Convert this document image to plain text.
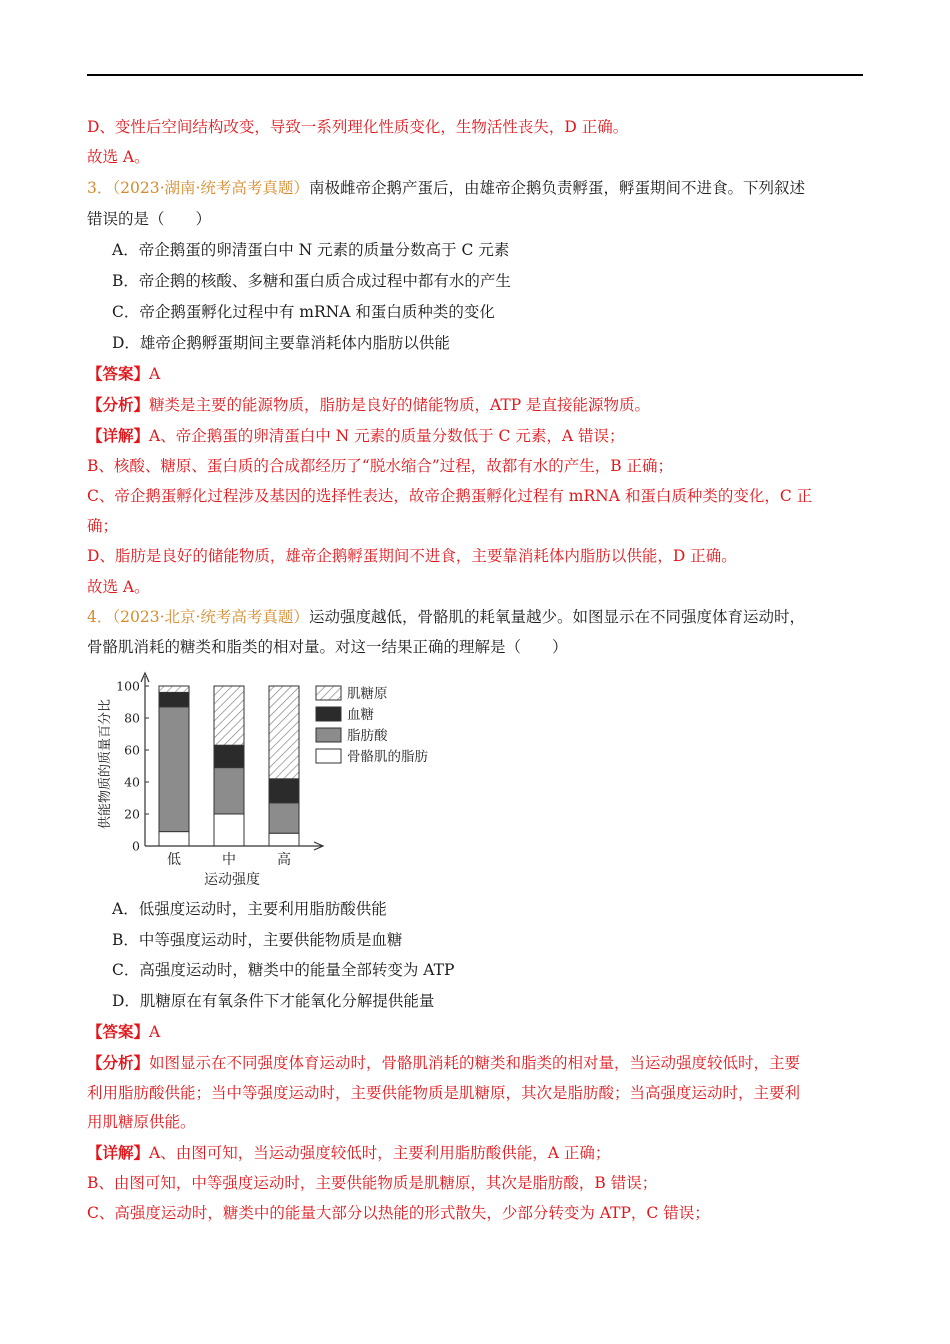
D、变性后空间结构改变，导致一系列理化性质变化，生物活性丧失，D 正确。
故选 A。
3．（2023·湖南·统考高考真题）南极雌帝企鹅产蛋后，由雄帝企鹅负责孵蛋，孵蛋期间不进食。下列叙述
错误的是（　　）
A．帝企鹅蛋的卵清蛋白中 N 元素的质量分数高于 C 元素
B．帝企鹅的核酸、多糖和蛋白质合成过程中都有水的产生
C．帝企鹅蛋孵化过程中有 mRNA 和蛋白质种类的变化
D．雄帝企鹅孵蛋期间主要靠消耗体内脂肪以供能
【答案】A
【分析】糖类是主要的能源物质，脂肪是良好的储能物质，ATP 是直接能源物质。
【详解】A、帝企鹅蛋的卵清蛋白中 N 元素的质量分数低于 C 元素，A 错误；
B、核酸、糖原、蛋白质的合成都经历了“脱水缩合”过程，故都有水的产生，B 正确；
C、帝企鹅蛋孵化过程涉及基因的选择性表达，故帝企鹅蛋孵化过程有 mRNA 和蛋白质种类的变化，C 正
确；
D、脂肪是良好的储能物质，雄帝企鹅孵蛋期间不进食，主要靠消耗体内脂肪以供能，D 正确。
故选 A。
4．（2023·北京·统考高考真题）运动强度越低，骨骼肌的耗氧量越少。如图显示在不同强度体育运动时，
骨骼肌消耗的糖类和脂类的相对量。对这一结果正确的理解是（　　）
低	中	高
0
20
40
60
80
100
供能物质的质量百分比
运动强度
肌糖原
血糖
脂肪酸
骨骼肌的脂肪
A．低强度运动时，主要利用脂肪酸供能
B．中等强度运动时，主要供能物质是血糖
C．高强度运动时，糖类中的能量全部转变为 ATP
D．肌糖原在有氧条件下才能氧化分解提供能量
【答案】A
【分析】如图显示在不同强度体育运动时，骨骼肌消耗的糖类和脂类的相对量，当运动强度较低时，主要
利用脂肪酸供能；当中等强度运动时，主要供能物质是肌糖原，其次是脂肪酸；当高强度运动时，主要利
用肌糖原供能。
【详解】A、由图可知，当运动强度较低时，主要利用脂肪酸供能，A 正确；
B、由图可知，中等强度运动时，主要供能物质是肌糖原，其次是脂肪酸，B 错误；
C、高强度运动时，糖类中的能量大部分以热能的形式散失，少部分转变为 ATP，C 错误；
